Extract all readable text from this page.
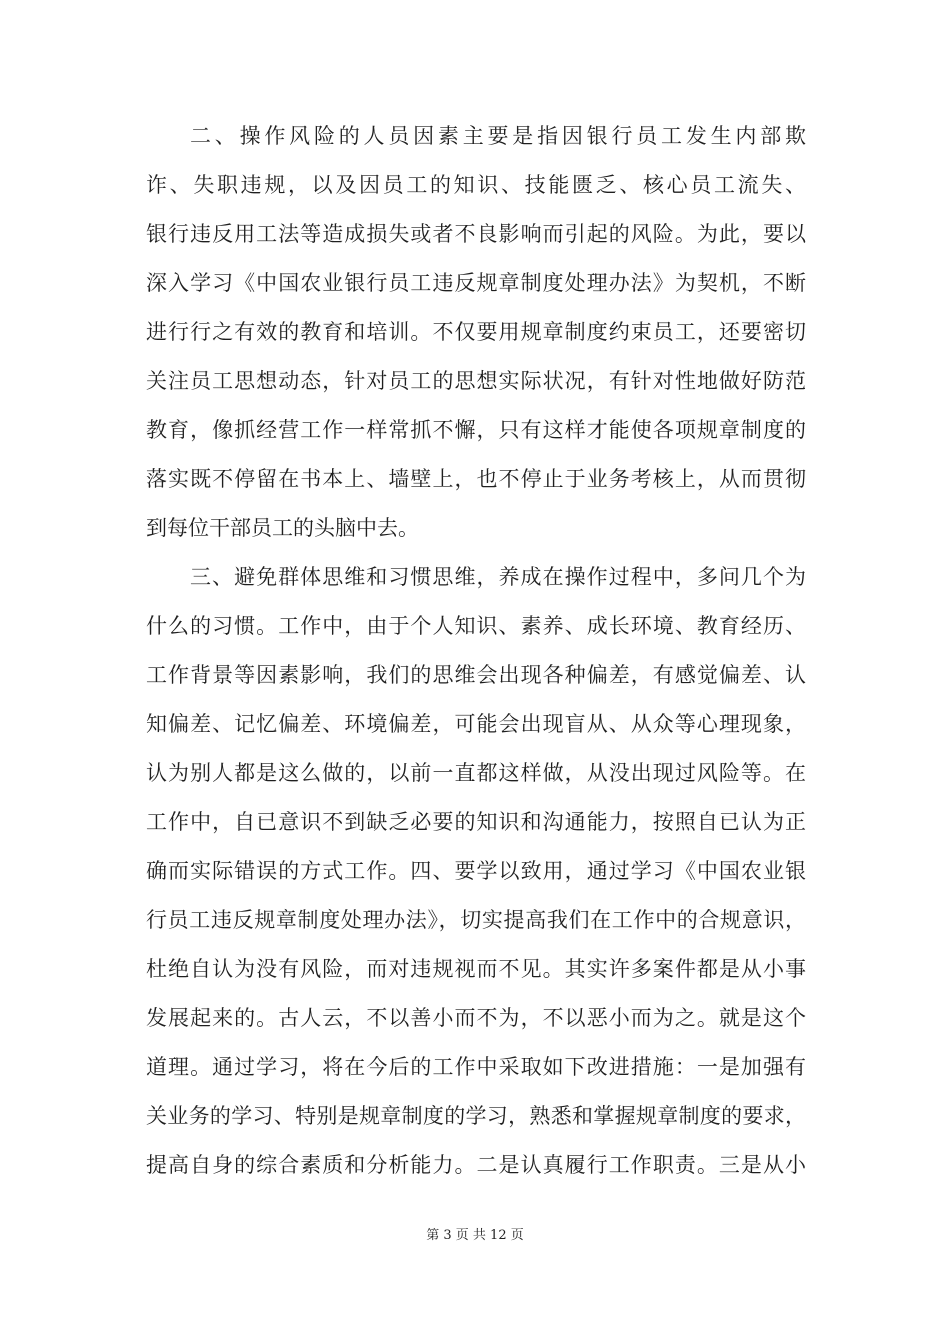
二、操作风险的人员因素主要是指因银行员工发生内部欺
诈、失职违规，以及因员工的知识、技能匮乏、核心员工流失、
银行违反用工法等造成损失或者不良影响而引起的风险。为此，要以
深入学习《中国农业银行员工违反规章制度处理办法》为契机，不断
进行行之有效的教育和培训。不仅要用规章制度约束员工，还要密切
关注员工思想动态，针对员工的思想实际状况，有针对性地做好防范
教育，像抓经营工作一样常抓不懈，只有这样才能使各项规章制度的
落实既不停留在书本上、墙壁上，也不停止于业务考核上，从而贯彻
到每位干部员工的头脑中去。
三、避免群体思维和习惯思维，养成在操作过程中，多问几个为
什么的习惯。工作中，由于个人知识、素养、成长环境、教育经历、
工作背景等因素影响，我们的思维会出现各种偏差，有感觉偏差、认
知偏差、记忆偏差、环境偏差，可能会出现盲从、从众等心理现象，
认为别人都是这么做的，以前一直都这样做，从没出现过风险等。在
工作中，自已意识不到缺乏必要的知识和沟通能力，按照自已认为正
确而实际错误的方式工作。四、要学以致用，通过学习《中国农业银
行员工违反规章制度处理办法》，切实提高我们在工作中的合规意识，
杜绝自认为没有风险，而对违规视而不见。其实许多案件都是从小事
发展起来的。古人云，不以善小而不为，不以恶小而为之。就是这个
道理。通过学习，将在今后的工作中采取如下改进措施：一是加强有
关业务的学习、特别是规章制度的学习，熟悉和掌握规章制度的要求，
提高自身的综合素质和分析能力。二是认真履行工作职责。三是从小
第 3 页 共 12 页
